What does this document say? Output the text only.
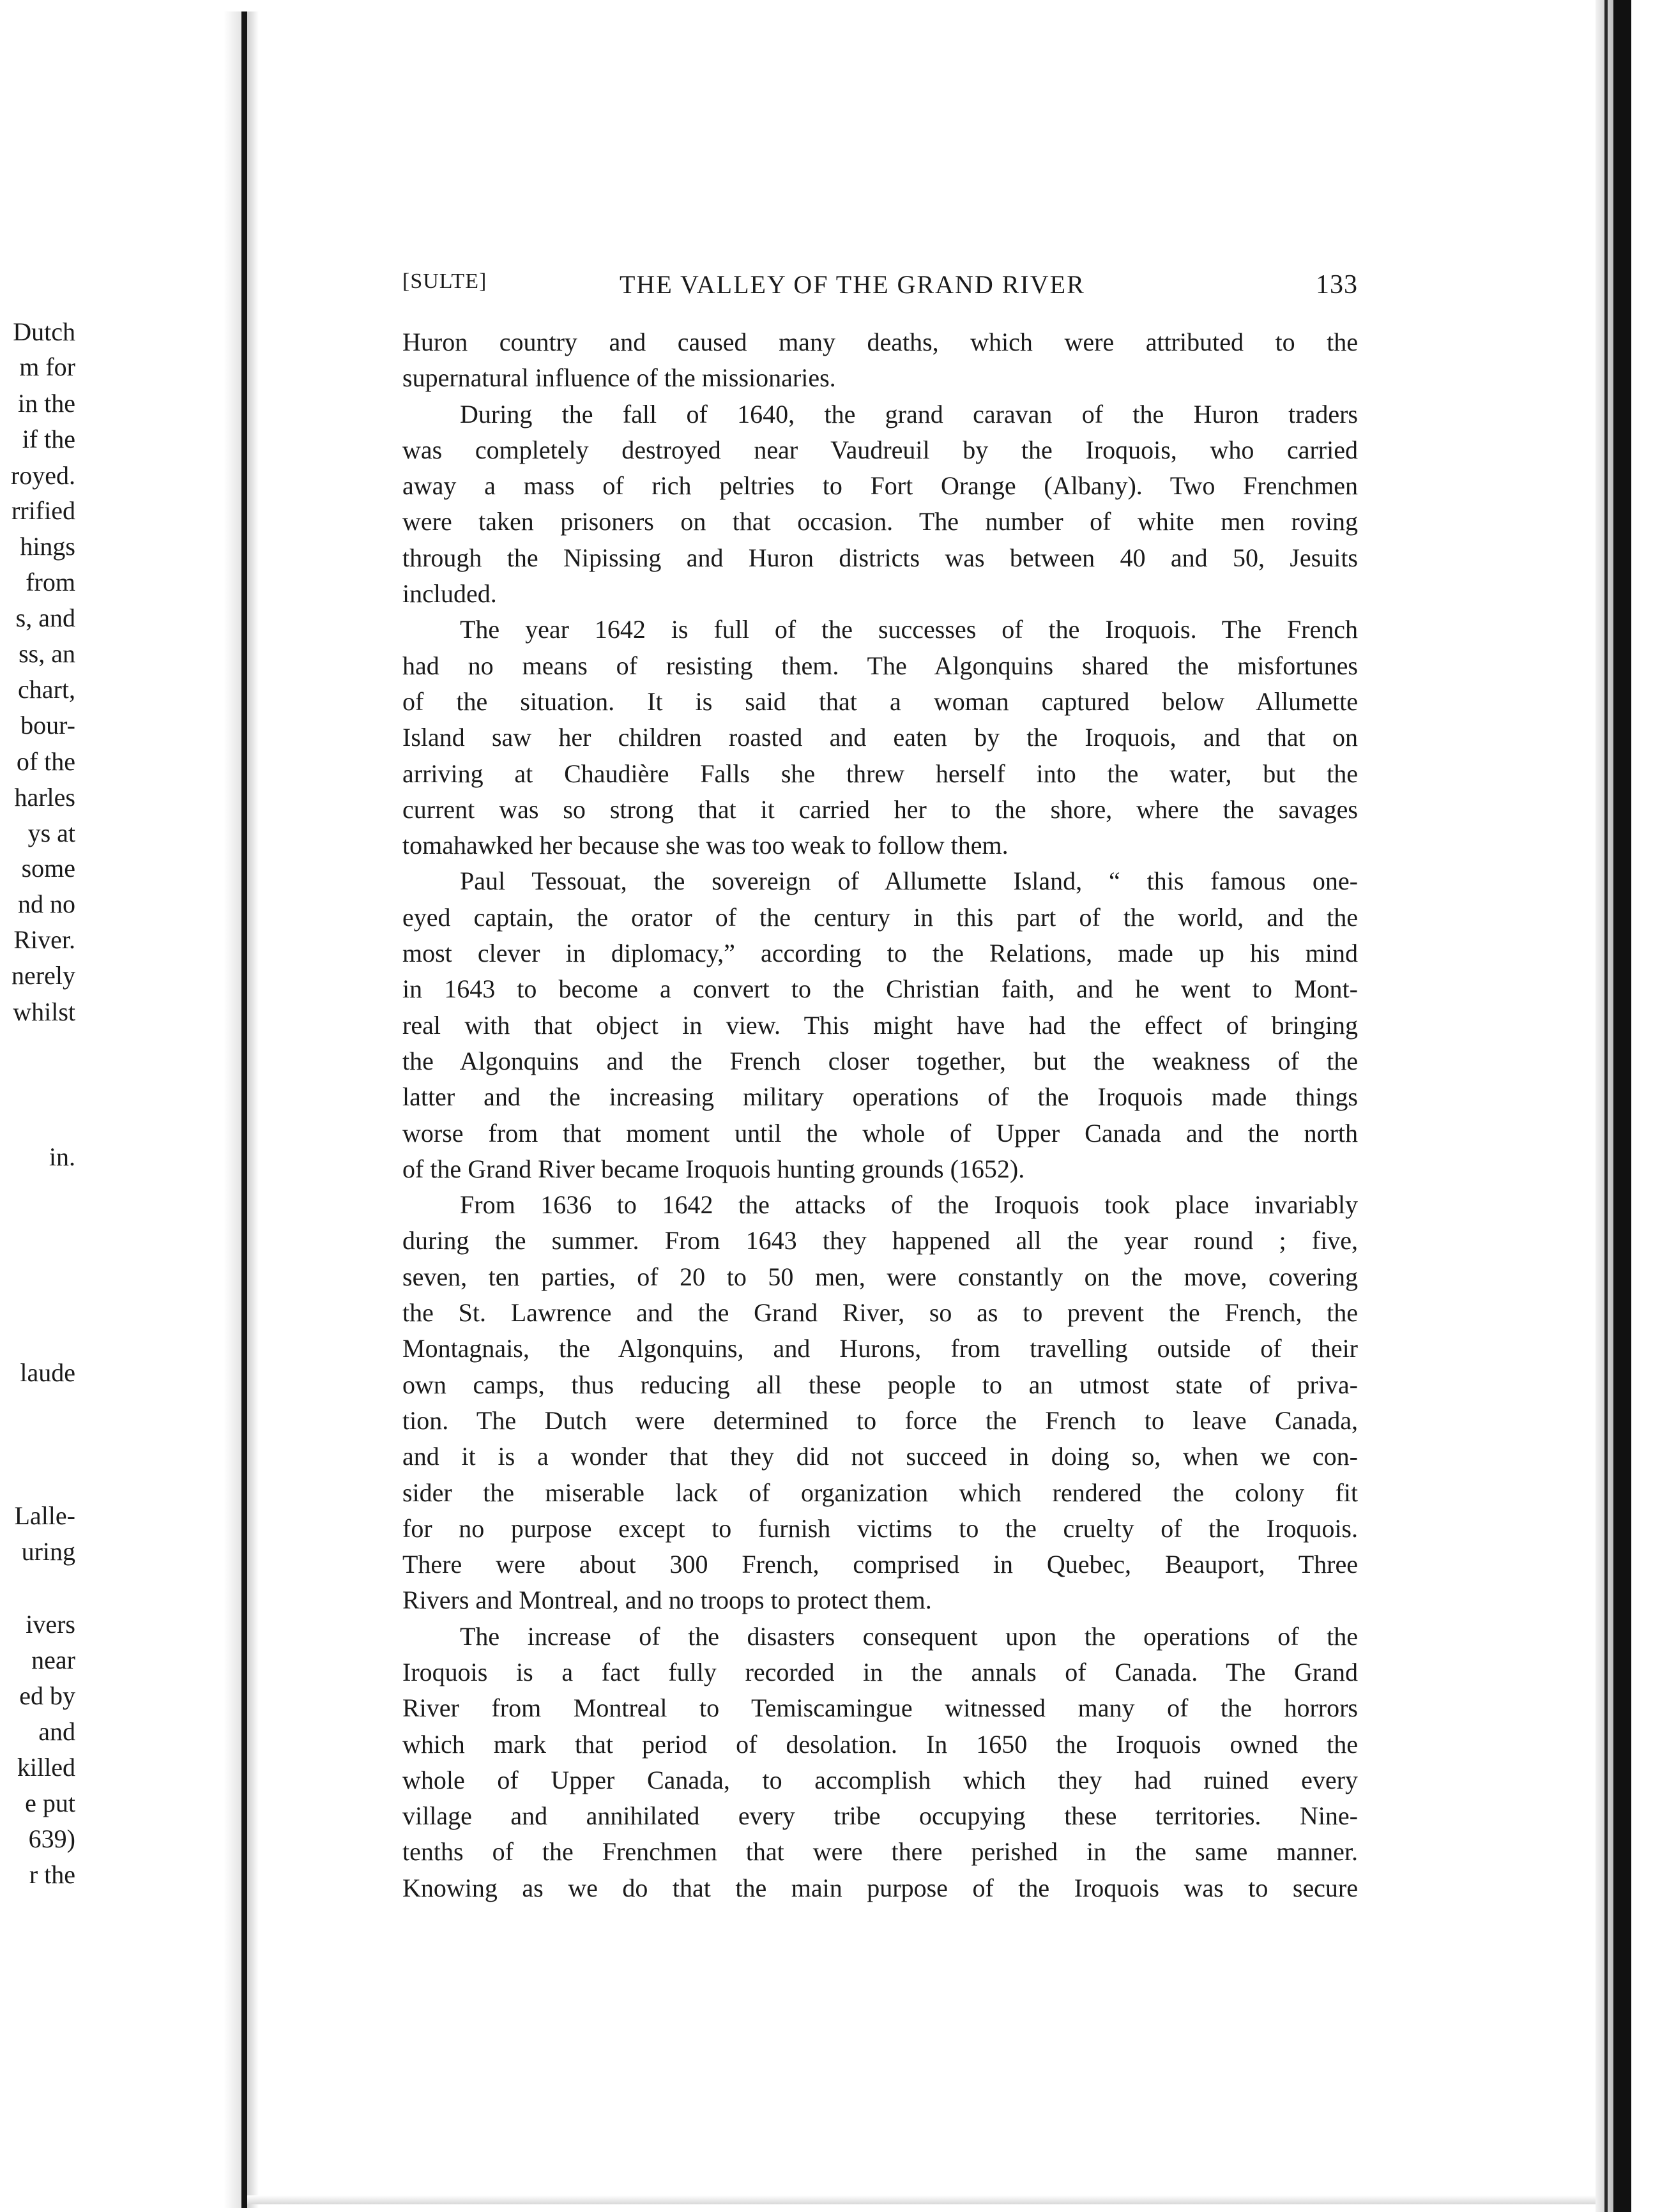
Dutch
m for
in the
if the
royed.
rrified
hings
from
s, and
ss, an
chart,
bour-
of the
harles
ys at
some
nd no
River.
nerely
whilst
in.
laude
Lalle-
uring
ivers
near
ed by
and
killed
e put
639)
r the
[SULTE]	THE VALLEY OF THE GRAND RIVER	133
Huron country and caused many deaths, which were attributed to the
supernatural influence of the missionaries.
During the fall of 1640, the grand caravan of the Huron traders
was completely destroyed near Vaudreuil by the Iroquois, who carried
away a mass of rich peltries to Fort Orange (Albany). Two Frenchmen
were taken prisoners on that occasion. The number of white men roving
through the Nipissing and Huron districts was between 40 and 50, Jesuits
included.
The year 1642 is full of the successes of the Iroquois. The French
had no means of resisting them. The Algonquins shared the misfortunes
of the situation. It is said that a woman captured below Allumette
Island saw her children roasted and eaten by the Iroquois, and that on
arriving at Chaudière Falls she threw herself into the water, but the
current was so strong that it carried her to the shore, where the savages
tomahawked her because she was too weak to follow them.
Paul Tessouat, the sovereign of Allumette Island, “ this famous one-
eyed captain, the orator of the century in this part of the world, and the
most clever in diplomacy,” according to the Relations, made up his mind
in 1643 to become a convert to the Christian faith, and he went to Mont-
real with that object in view. This might have had the effect of bringing
the Algonquins and the French closer together, but the weakness of the
latter and the increasing military operations of the Iroquois made things
worse from that moment until the whole of Upper Canada and the north
of the Grand River became Iroquois hunting grounds (1652).
From 1636 to 1642 the attacks of the Iroquois took place invariably
during the summer. From 1643 they happened all the year round ; five,
seven, ten parties, of 20 to 50 men, were constantly on the move, covering
the St. Lawrence and the Grand River, so as to prevent the French, the
Montagnais, the Algonquins, and Hurons, from travelling outside of their
own camps, thus reducing all these people to an utmost state of priva-
tion. The Dutch were determined to force the French to leave Canada,
and it is a wonder that they did not succeed in doing so, when we con-
sider the miserable lack of organization which rendered the colony fit
for no purpose except to furnish victims to the cruelty of the Iroquois.
There were about 300 French, comprised in Quebec, Beauport, Three
Rivers and Montreal, and no troops to protect them.
The increase of the disasters consequent upon the operations of the
Iroquois is a fact fully recorded in the annals of Canada. The Grand
River from Montreal to Temiscamingue witnessed many of the horrors
which mark that period of desolation. In 1650 the Iroquois owned the
whole of Upper Canada, to accomplish which they had ruined every
village and annihilated every tribe occupying these territories. Nine-
tenths of the Frenchmen that were there perished in the same manner.
Knowing as we do that the main purpose of the Iroquois was to secure
